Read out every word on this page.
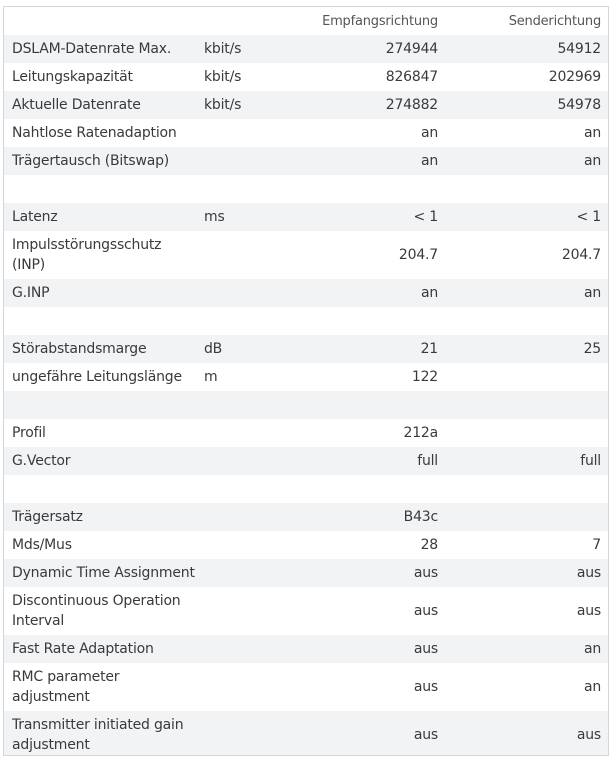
		Empfangsrichtung	Senderichtung
DSLAM-Datenrate Max.	kbit/s	274944	54912
Leitungskapazität	kbit/s	826847	202969
Aktuelle Datenrate	kbit/s	274882	54978
Nahtlose Ratenadaption		an	an
Trägertausch (Bitswap)		an	an

Latenz	ms	< 1	< 1
Impulsstörungsschutz (INP)		204.7	204.7
G.INP		an	an

Störabstandsmarge	dB	21	25
ungefähre Leitungslänge	m	122	

Profil		212a	
G.Vector		full	full

Trägersatz		B43c	
Mds/Mus		28	7
Dynamic Time Assignment		aus	aus
Discontinuous Operation Interval		aus	aus
Fast Rate Adaptation		aus	an
RMC parameter adjustment		aus	an
Transmitter initiated gain adjustment		aus	aus
